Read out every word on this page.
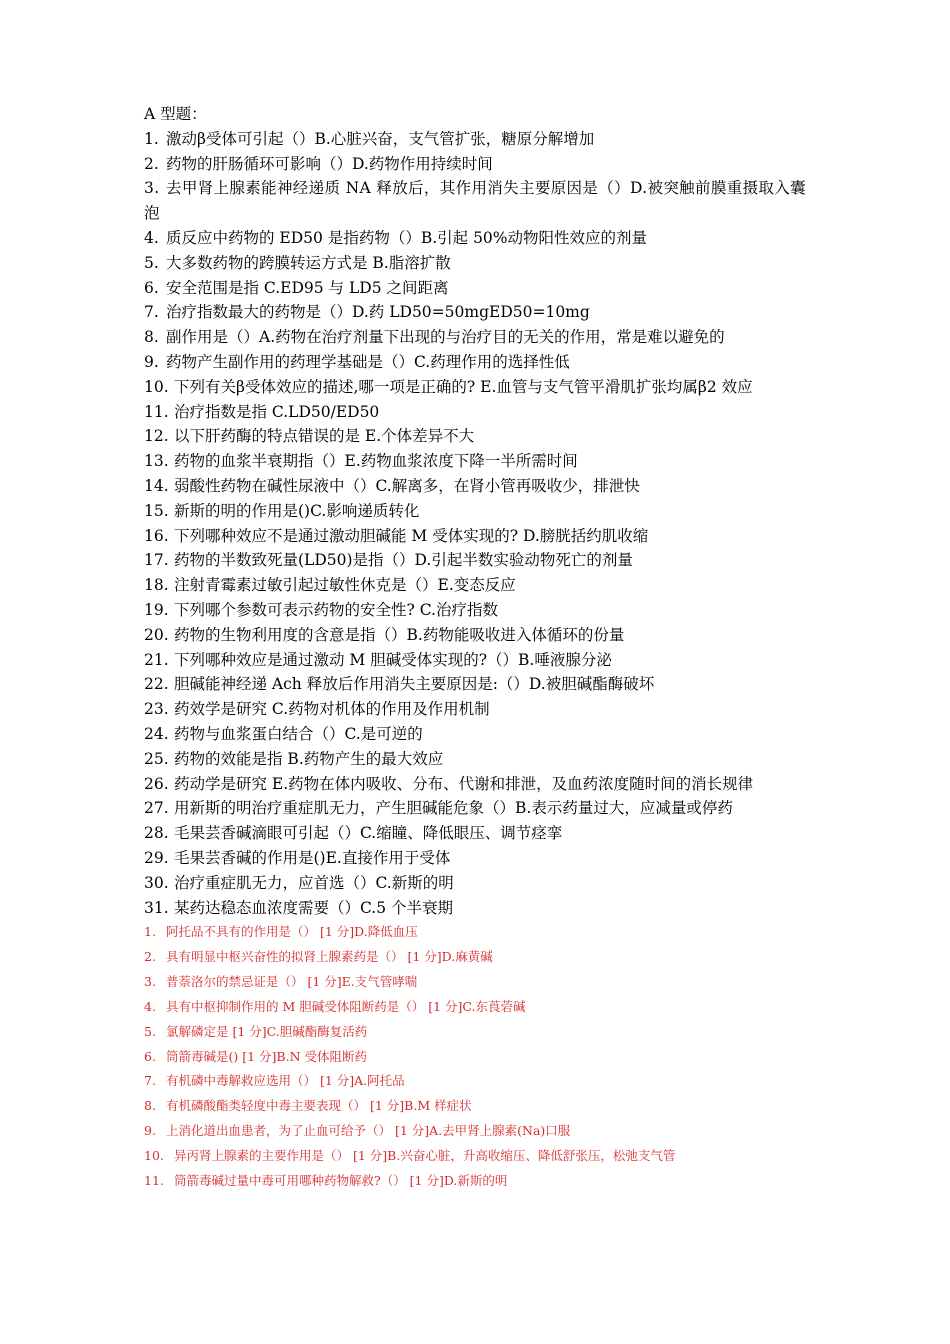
A 型题：
1. 激动β受体可引起（）B.心脏兴奋，支气管扩张，糖原分解增加
2. 药物的肝肠循环可影响（）D.药物作用持续时间
3. 去甲肾上腺素能神经递质 NA 释放后，其作用消失主要原因是（）D.被突触前膜重摄取入囊泡
4. 质反应中药物的 ED50 是指药物（）B.引起 50%动物阳性效应的剂量
5. 大多数药物的跨膜转运方式是 B.脂溶扩散
6. 安全范围是指 C.ED95 与 LD5 之间距离
7. 治疗指数最大的药物是（）D.药 LD50=50mgED50=10mg
8. 副作用是（）A.药物在治疗剂量下出现的与治疗目的无关的作用，常是难以避免的
9. 药物产生副作用的药理学基础是（）C.药理作用的选择性低
10. 下列有关β受体效应的描述,哪一项是正确的? E.血管与支气管平滑肌扩张均属β2 效应
11. 治疗指数是指 C.LD50/ED50
12. 以下肝药酶的特点错误的是 E.个体差异不大
13. 药物的血浆半衰期指（）E.药物血浆浓度下降一半所需时间
14. 弱酸性药物在碱性尿液中（）C.解离多，在肾小管再吸收少，排泄快
15. 新斯的明的作用是()C.影响递质转化
16. 下列哪种效应不是通过激动胆碱能 M 受体实现的? D.膀胱括约肌收缩
17. 药物的半数致死量(LD50)是指（）D.引起半数实验动物死亡的剂量
18. 注射青霉素过敏引起过敏性休克是（）E.变态反应
19. 下列哪个参数可表示药物的安全性? C.治疗指数
20. 药物的生物利用度的含意是指（）B.药物能吸收进入体循环的份量
21. 下列哪种效应是通过激动 M 胆碱受体实现的?（）B.唾液腺分泌
22. 胆碱能神经递 Ach 释放后作用消失主要原因是:（）D.被胆碱酯酶破坏
23. 药效学是研究 C.药物对机体的作用及作用机制
24. 药物与血浆蛋白结合（）C.是可逆的
25. 药物的效能是指 B.药物产生的最大效应
26. 药动学是研究 E.药物在体内吸收、分布、代谢和排泄，及血药浓度随时间的消长规律
27. 用新斯的明治疗重症肌无力，产生胆碱能危象（）B.表示药量过大，应减量或停药
28. 毛果芸香碱滴眼可引起（）C.缩瞳、降低眼压、调节痉挛
29. 毛果芸香碱的作用是()E.直接作用于受体
30. 治疗重症肌无力，应首选（）C.新斯的明
31. 某药达稳态血浓度需要（）C.5 个半衰期
1. 阿托品不具有的作用是（） [1 分]D.降低血压
2. 具有明显中枢兴奋性的拟肾上腺素药是（） [1 分]D.麻黄碱
3. 普萘洛尔的禁忌证是（） [1 分]E.支气管哮喘
4. 具有中枢抑制作用的 M 胆碱受体阻断药是（） [1 分]C.东莨菪碱
5. 氯解磷定是 [1 分]C.胆碱酯酶复活药
6. 筒箭毒碱是() [1 分]B.N 受体阻断药
7. 有机磷中毒解救应选用（） [1 分]A.阿托品
8. 有机磷酸酯类轻度中毒主要表现（） [1 分]B.M 样症状
9. 上消化道出血患者，为了止血可给予（） [1 分]A.去甲肾上腺素(Na)口服
10. 异丙肾上腺素的主要作用是（） [1 分]B.兴奋心脏，升高收缩压、降低舒张压，松弛支气管
11. 筒箭毒碱过量中毒可用哪种药物解救?（） [1 分]D.新斯的明
